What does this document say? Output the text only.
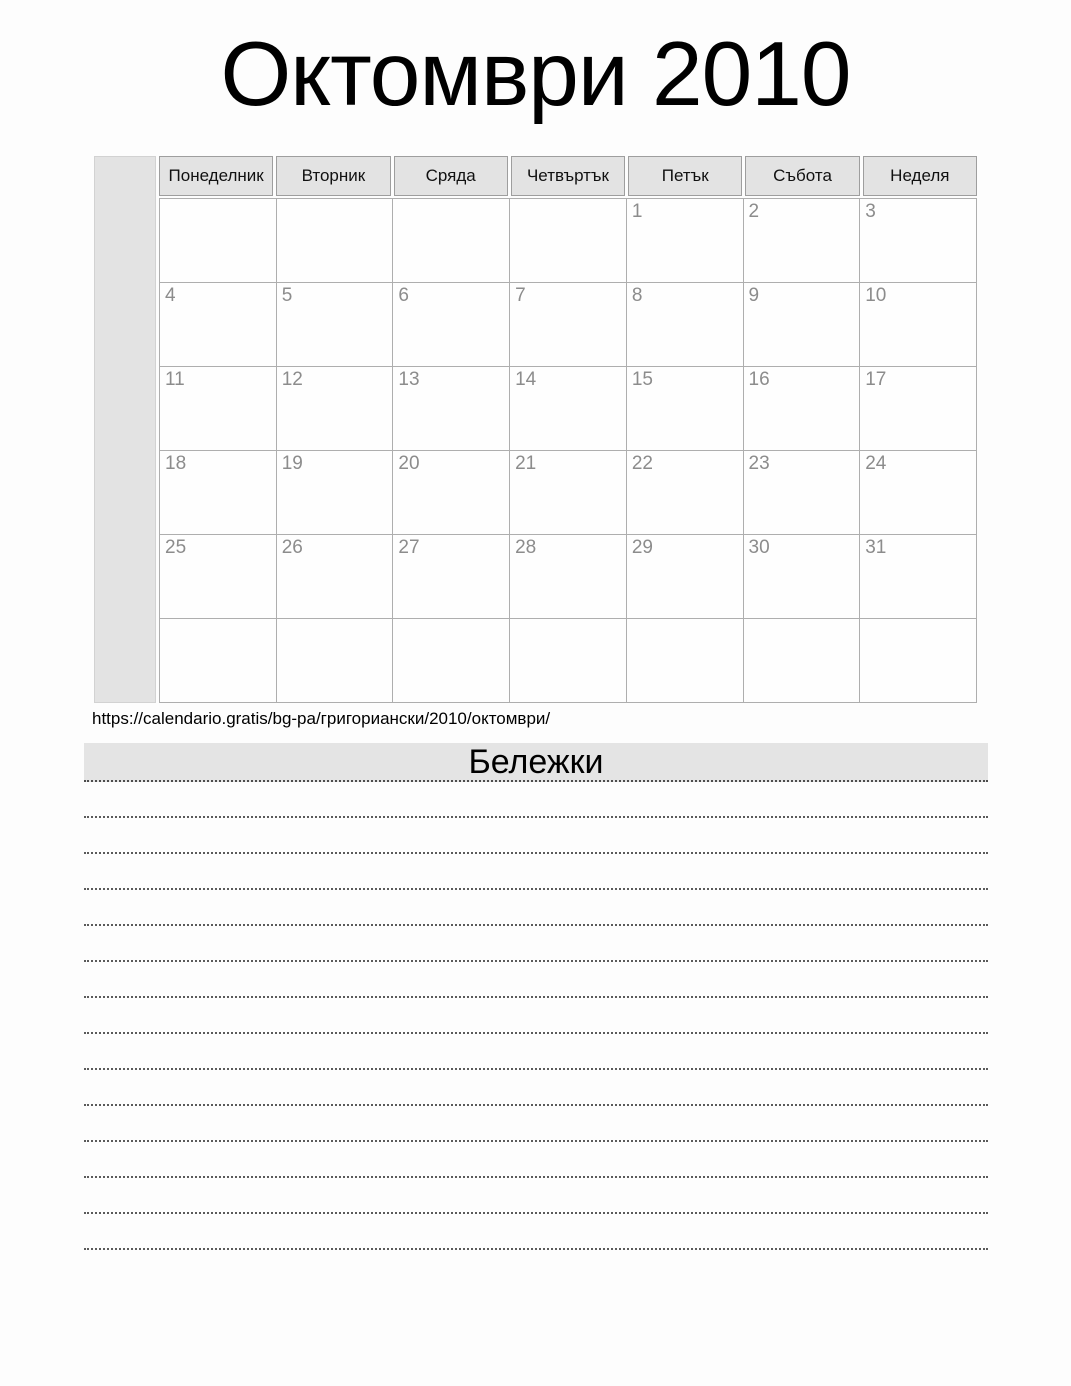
Октомври 2010
Понеделник	Вторник	Сряда	Четвъртък	Петък	Събота	Неделя
				1	2	3
4	5	6	7	8	9	10
11	12	13	14	15	16	17
18	19	20	21	22	23	24
25	26	27	28	29	30	31

https://calendario.gratis/bg-pa/григориански/2010/октомври/
Бележки
